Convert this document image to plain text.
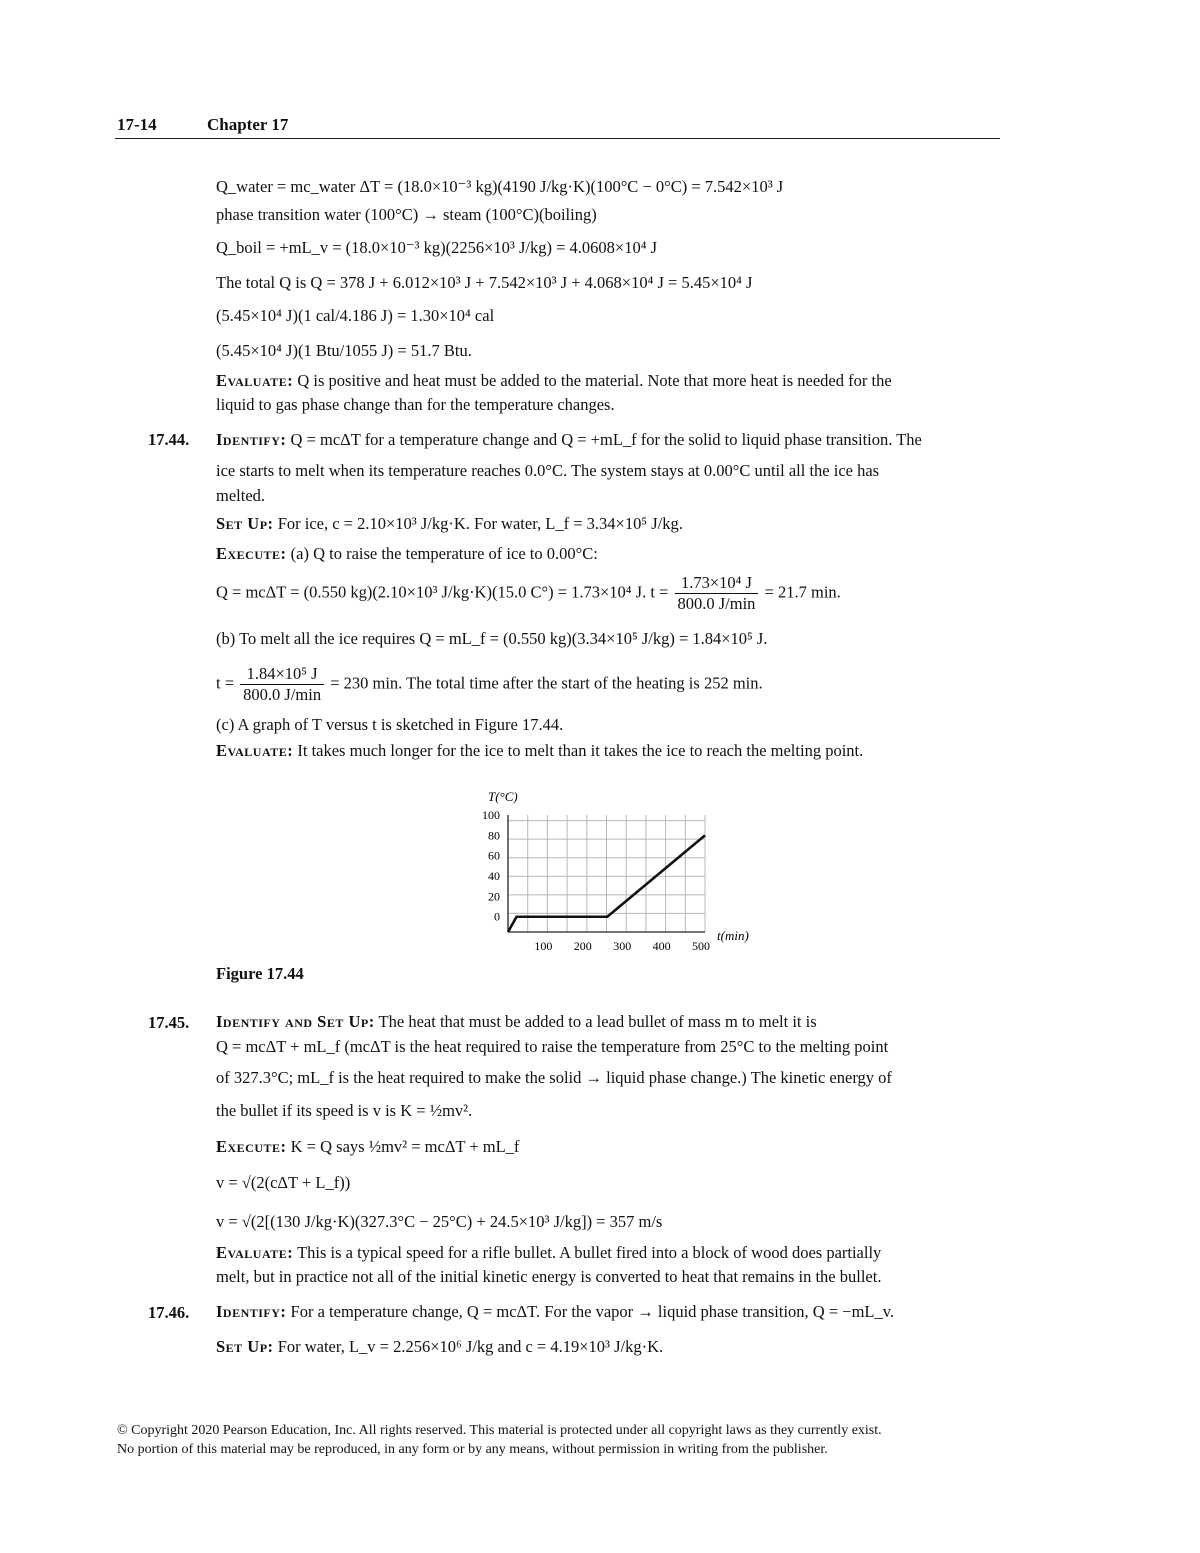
17-14	Chapter 17
Q_water = mc_water ΔT = (18.0×10⁻³ kg)(4190 J/kg·K)(100°C − 0°C) = 7.542×10³ J
phase transition water (100°C) → steam (100°C)(boiling)
Q_boil = +mL_v = (18.0×10⁻³ kg)(2256×10³ J/kg) = 4.0608×10⁴ J
The total Q is Q = 378 J + 6.012×10³ J + 7.542×10³ J + 4.068×10⁴ J = 5.45×10⁴ J
(5.45×10⁴ J)(1 cal/4.186 J) = 1.30×10⁴ cal
(5.45×10⁴ J)(1 Btu/1055 J) = 51.7 Btu.
Evaluate: Q is positive and heat must be added to the material. Note that more heat is needed for the
liquid to gas phase change than for the temperature changes.
17.44. Identify: Q = mcΔT for a temperature change and Q = +mL_f for the solid to liquid phase transition. The
ice starts to melt when its temperature reaches 0.0°C. The system stays at 0.00°C until all the ice has
melted.
Set Up: For ice, c = 2.10×10³ J/kg·K. For water, L_f = 3.34×10⁵ J/kg.
Execute: (a) Q to raise the temperature of ice to 0.00°C:
Q = mcΔT = (0.550 kg)(2.10×10³ J/kg·K)(15.0 C°) = 1.73×10⁴ J. $t = \frac{\text{1.73×10⁴ J}}{800.0 J/\min} = 21.7$ min.
(b) To melt all the ice requires Q = mL_f = (0.550 kg)(3.34×10⁵ J/kg) = 1.84×10⁵ J.
$t = \frac{\text{1.84×10⁵ J}}{800.0 J/\min} = 230$ min. The total time after the start of the heating is 252 min.
(c) A graph of T versus t is sketched in Figure 17.44.
Evaluate: It takes much longer for the ice to melt than it takes the ice to reach the melting point.
100
80
60
40
20
0
100 200 300 400 500
T(°C)
t(min)
Figure 17.44
17.45. Identify and Set Up: The heat that must be added to a lead bullet of mass m to melt it is
Q = mcΔT + mL_f (mcΔT is the heat required to raise the temperature from 25°C to the melting point
of 327.3°C; mL_f is the heat required to make the solid → liquid phase change.) The kinetic energy of
the bullet if its speed is v is K = ½mv².
Execute: K = Q says ½mv² = mcΔT + mL_f
v = √(2(cΔT + L_f))
v = √(2[(130 J/kg·K)(327.3°C − 25°C) + 24.5×10³ J/kg]) = 357 m/s
Evaluate: This is a typical speed for a rifle bullet. A bullet fired into a block of wood does partially
melt, but in practice not all of the initial kinetic energy is converted to heat that remains in the bullet.
17.46. Identify: For a temperature change, Q = mcΔT. For the vapor → liquid phase transition, Q = −mL_v.
Set Up: For water, L_v = 2.256×10⁶ J/kg and c = 4.19×10³ J/kg·K.
© Copyright 2020 Pearson Education, Inc. All rights reserved. This material is protected under all copyright laws as they currently exist.
No portion of this material may be reproduced, in any form or by any means, without permission in writing from the publisher.
